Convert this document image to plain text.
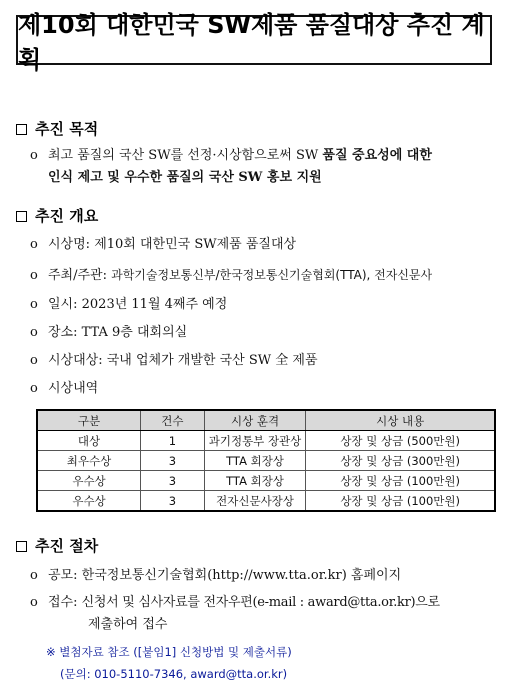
제10회 대한민국 SW제품 품질대상 추진 계획
추진 목적
o 최고 품질의 국산 SW를 선정·시상함으로써 SW 품질 중요성에 대한
인식 제고 및 우수한 품질의 국산 SW 홍보 지원
추진 개요
o 시상명: 제10회 대한민국 SW제품 품질대상
o 주최/주관: 과학기술정보통신부/한국정보통신기술협회(TTA), 전자신문사
o 일시: 2023년 11월 4째주 예정
o 장소: TTA 9층 대회의실
o 시상대상: 국내 업체가 개발한 국산 SW 全 제품
o 시상내역
구분	건수	시상 훈격	시상 내용
대상	1	과기정통부 장관상	상장 및 상금 (500만원)
최우수상	3	TTA 회장상	상장 및 상금 (300만원)
우수상	3	TTA 회장상	상장 및 상금 (100만원)
우수상	3	전자신문사장상	상장 및 상금 (100만원)
추진 절차
o 공모: 한국정보통신기술협회(http://www.tta.or.kr) 홈페이지
o 접수: 신청서 및 심사자료를 전자우편(e-mail : award@tta.or.kr)으로
제출하여 접수
※ 별첨자료 참조 ([붙임1] 신청방법 및 제출서류)
(문의: 010-5110-7346, award@tta.or.kr)
